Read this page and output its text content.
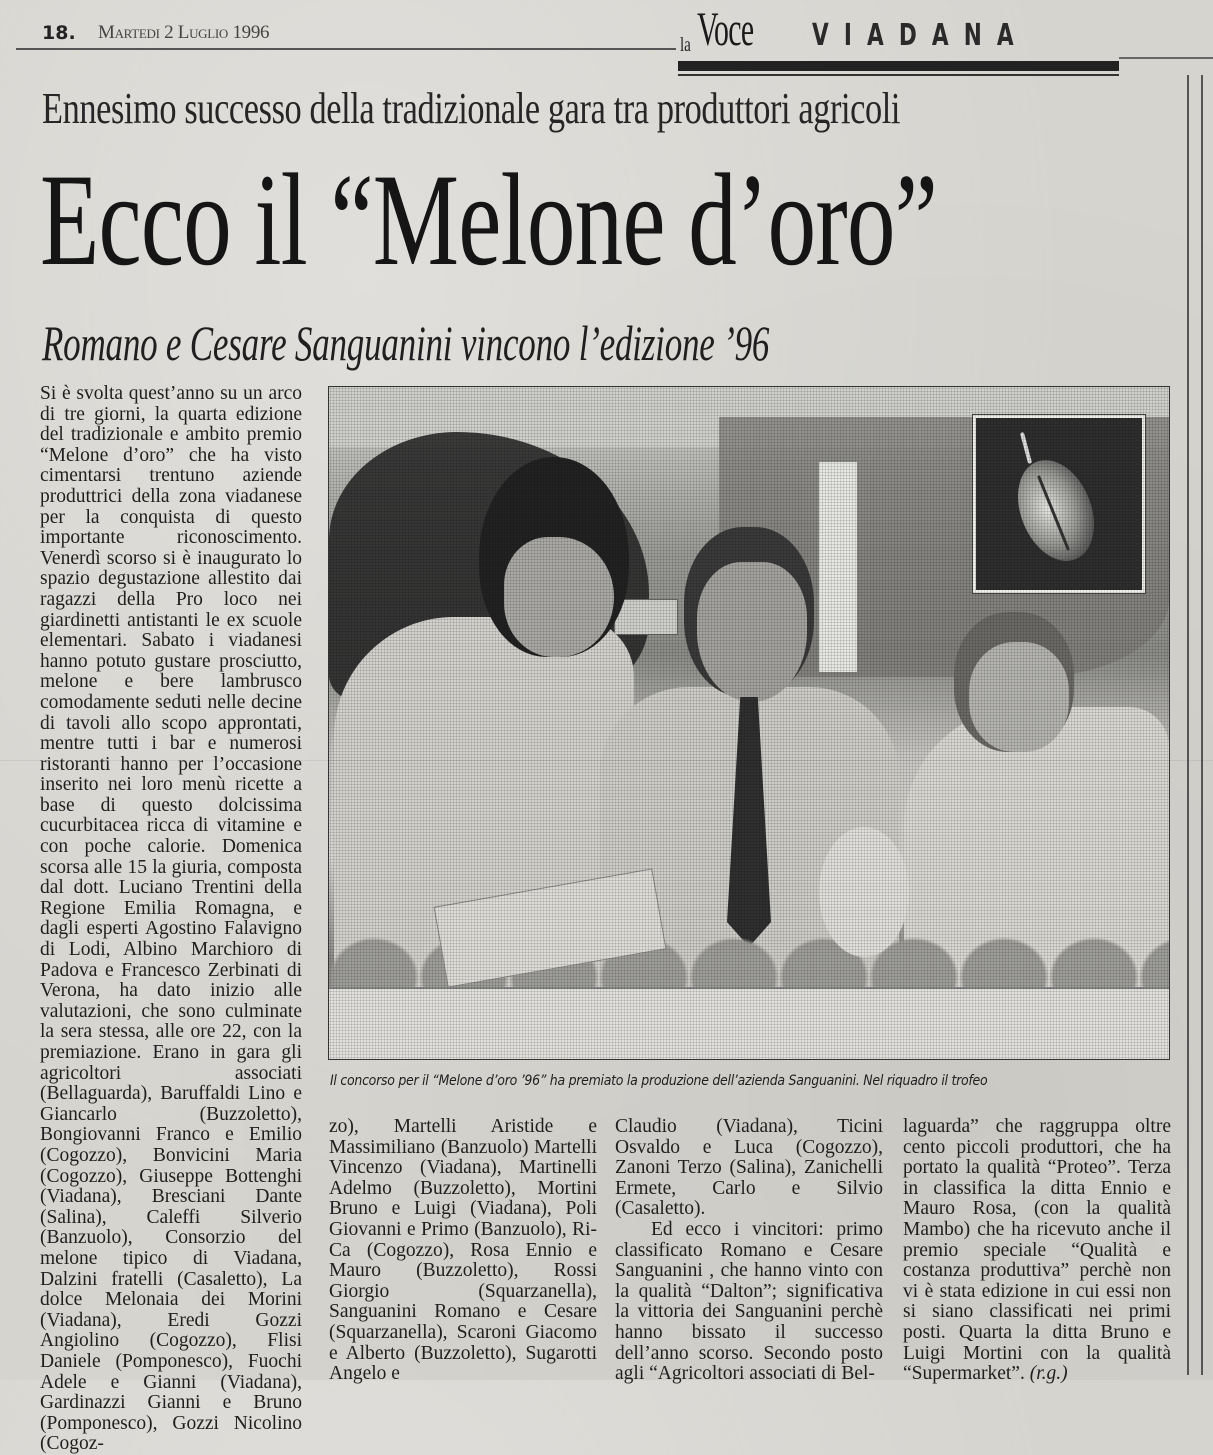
18. Martedi 2 Luglio 1996
la Voce VIADANA
Ennesimo successo della tradizionale gara tra produttori agricoli
Ecco il “Melone d’oro”
Romano e Cesare Sanguanini vincono l’edizione ’96

Si è svolta quest’anno su un arco di tre giorni, la quarta edizione del tradizionale e ambito premio “Melone d’oro” che ha visto cimentarsi trentuno aziende produttrici della zona viadanese per la conquista di questo importante riconoscimento. Venerdì scorso si è inaugurato lo spazio degustazione allestito dai ragazzi della Pro loco nei giardinetti antistanti le ex scuole elementari. Sabato i viadanesi hanno potuto gustare prosciutto, melone e bere lambrusco comodamente seduti nelle decine di tavoli allo scopo approntati, mentre tutti i bar e numerosi ristoranti hanno per l’occasione inserito nei loro menù ricette a base di questo dolcissima cucurbitacea ricca di vitamine e con poche calorie. Domenica scorsa alle 15 la giuria, composta dal dott. Luciano Trentini della Regione Emilia Romagna, e dagli esperti Agostino Falavigno di Lodi, Albino Marchioro di Padova e Francesco Zerbinati di Verona, ha dato inizio alle valutazioni, che sono culminate la sera stessa, alle ore 22, con la premiazione. Erano in gara gli agricoltori associati (Bellaguarda), Baruffaldi Lino e Giancarlo (Buzzoletto), Bongiovanni Franco e Emilio (Cogozzo), Bonvicini Maria (Cogozzo), Giuseppe Bottenghi (Viadana), Bresciani Dante (Salina), Caleffi Silverio (Banzuolo), Consorzio del melone tipico di Viadana, Dalzini fratelli (Casaletto), La dolce Melonaia dei Morini (Viadana), Eredi Gozzi Angiolino (Cogozzo), Flisi Daniele (Pomponesco), Fuochi Adele e Gianni (Viadana), Gardinazzi Gianni e Bruno (Pomponesco), Gozzi Nicolino (Cogoz-

Il concorso per il “Melone d’oro ’96” ha premiato la produzione dell’azienda Sanguanini. Nel riquadro il trofeo

zo), Martelli Aristide e Massimiliano (Banzuolo) Martelli Vincenzo (Viadana), Martinelli Adelmo (Buzzoletto), Mortini Bruno e Luigi (Viadana), Poli Giovanni e Primo (Banzuolo), Ri-Ca (Cogozzo), Rosa Ennio e Mauro (Buzzoletto), Rossi Giorgio (Squarzanella), Sanguanini Romano e Cesare (Squarzanella), Scaroni Giacomo e Alberto (Buzzoletto), Sugarotti Angelo e

Claudio (Viadana), Ticini Osvaldo e Luca (Cogozzo), Zanoni Terzo (Salina), Zanichelli Ermete, Carlo e Silvio (Casaletto).

Ed ecco i vincitori: primo classificato Romano e Cesare Sanguanini , che hanno vinto con la qualità “Dalton”; significativa la vittoria dei Sanguanini perchè hanno bissato il successo dell’anno scorso. Secondo posto agli “Agricoltori associati di Bel-

laguarda” che raggruppa oltre cento piccoli produttori, che ha portato la qualità “Proteo”. Terza in classifica la ditta Ennio e Mauro Rosa, (con la qualità Mambo) che ha ricevuto anche il premio speciale “Qualità e costanza produttiva” perchè non vi è stata edizione in cui essi non si siano classificati nei primi posti. Quarta la ditta Bruno e Luigi Mortini con la qualità “Supermarket”. (r.g.)
